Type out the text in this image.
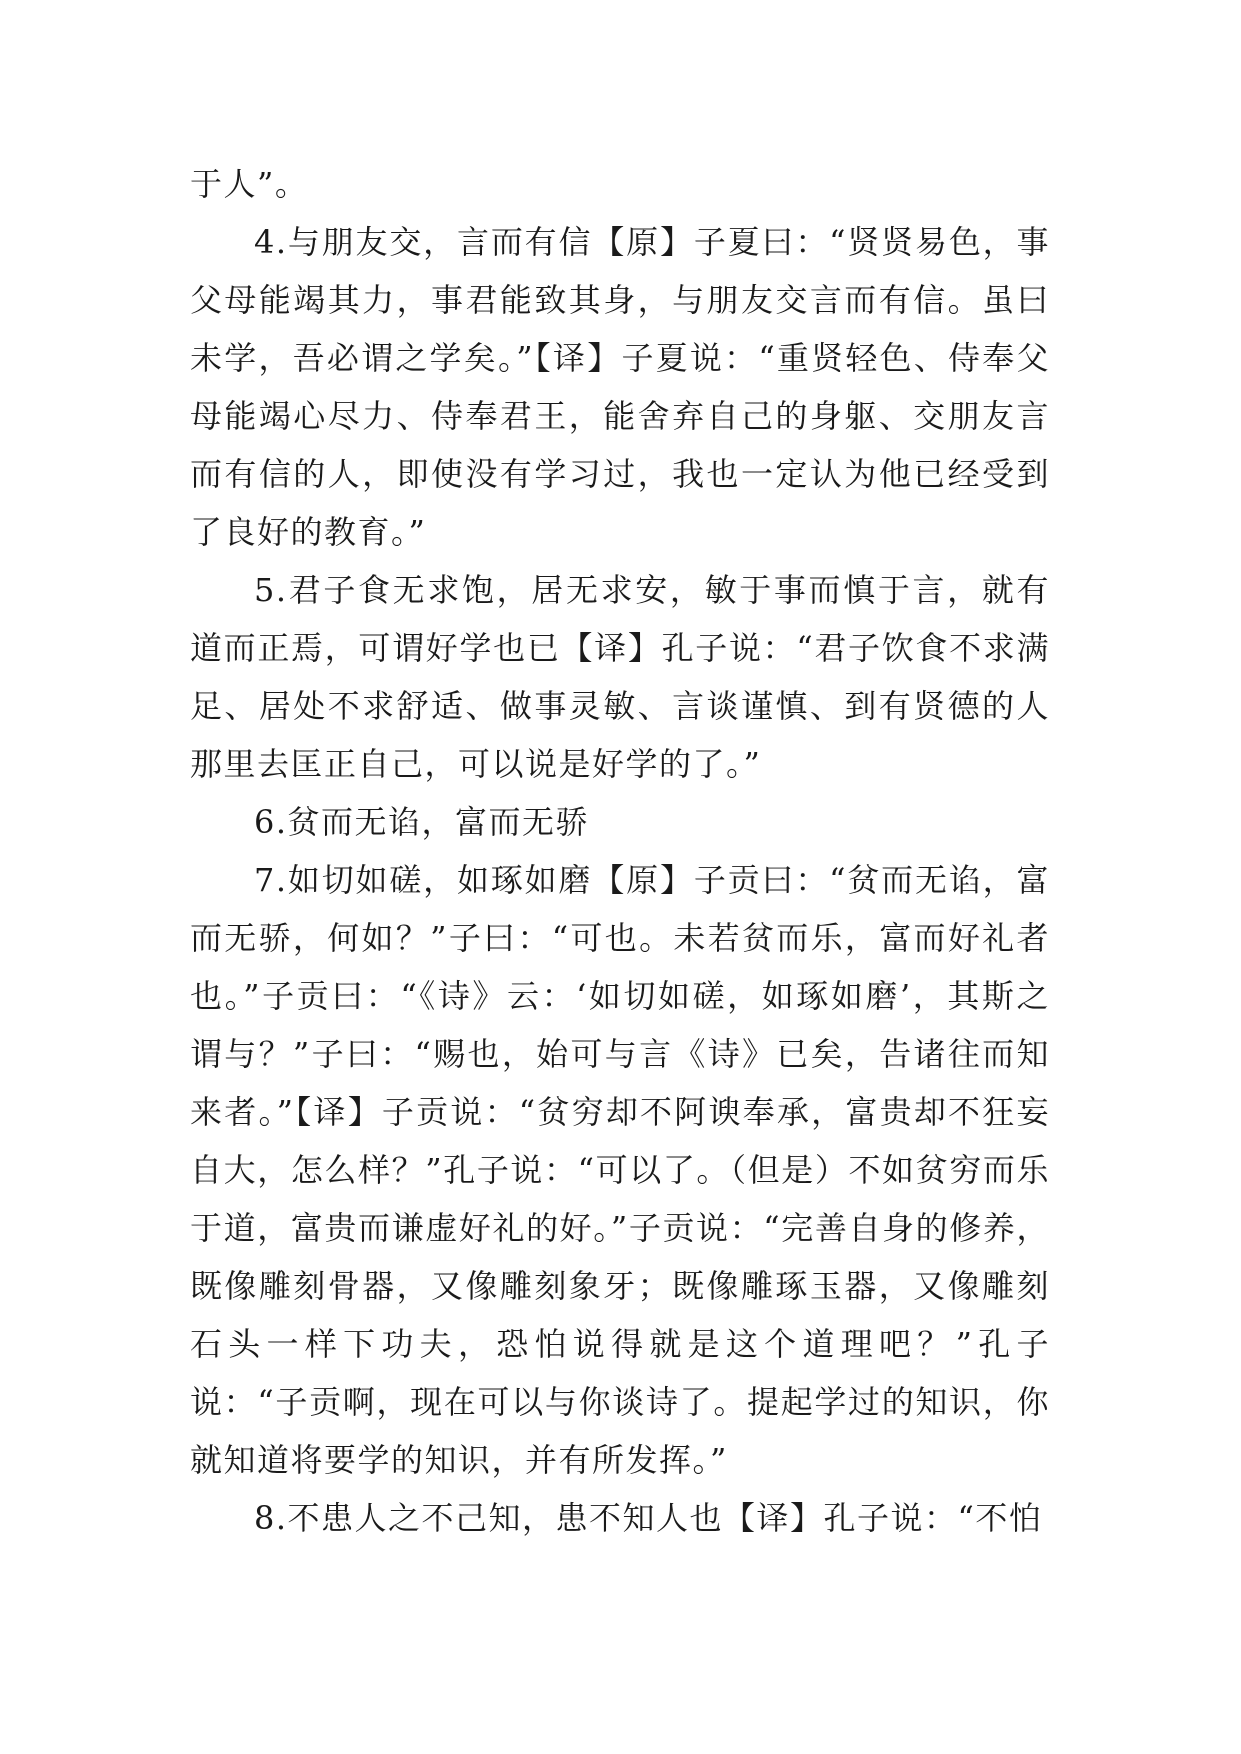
于人”。

4.与朋友交，言而有信【原】子夏曰：“贤贤易色，事父母能竭其力，事君能致其身，与朋友交言而有信。虽曰未学，吾必谓之学矣。”【译】子夏说：“重贤轻色、侍奉父母能竭心尽力、侍奉君王，能舍弃自己的身躯、交朋友言而有信的人，即使没有学习过，我也一定认为他已经受到了良好的教育。”

5.君子食无求饱，居无求安，敏于事而慎于言，就有道而正焉，可谓好学也已【译】孔子说：“君子饮食不求满足、居处不求舒适、做事灵敏、言谈谨慎、到有贤德的人那里去匡正自己，可以说是好学的了。”

6.贫而无谄，富而无骄

7.如切如磋，如琢如磨【原】子贡曰：“贫而无谄，富而无骄，何如？”子曰：“可也。未若贫而乐，富而好礼者也。”子贡曰：“《诗》云：‘如切如磋，如琢如磨’，其斯之谓与？”子曰：“赐也，始可与言《诗》已矣，告诸往而知来者。”【译】子贡说：“贫穷却不阿谀奉承，富贵却不狂妄自大，怎么样？”孔子说：“可以了。（但是）不如贫穷而乐于道，富贵而谦虚好礼的好。”子贡说：“完善自身的修养，既像雕刻骨器，又像雕刻象牙；既像雕琢玉器，又像雕刻石头一样下功夫，恐怕说得就是这个道理吧？”孔子说：“子贡啊，现在可以与你谈诗了。提起学过的知识，你就知道将要学的知识，并有所发挥。”

8.不患人之不己知，患不知人也【译】孔子说：“不怕
